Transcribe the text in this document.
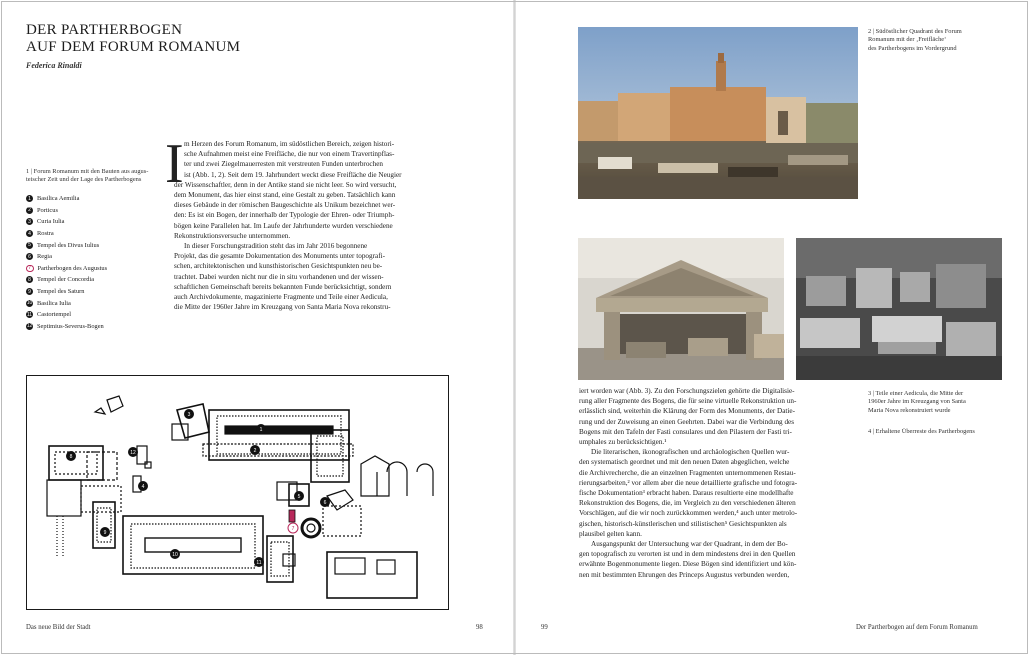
DER PARTHERBOGEN
AUF DEM FORUM ROMANUM
Federica Rinaldi
1 | Forum Romanum mit den Bauten aus augus-
teischer Zeit und der Lage des Partherbogens
1 Basilica Aemilia
2 Porticus
3 Curia Iulia
4 Rostra
5 Tempel des Divus Iulius
6 Regia
7 Partherbogen des Augustus
8 Tempel der Concordia
9 Tempel des Saturn
10 Basilica Iulia
11 Castortempel
12 Septimius-Severus-Bogen
I m Herzen des Forum Romanum, im südöstlichen Bereich, zeigen histori-
sche Aufnahmen meist eine Freifläche, die nur von einem Travertinpflas-
ter und zwei Ziegelmauerresten mit verstreuten Funden unterbrochen
ist (Abb. 1, 2). Seit dem 19. Jahrhundert weckt diese Freifläche die Neugier
der Wissenschaftler, denn in der Antike stand sie nicht leer. So wird versucht,
dem Monument, das hier einst stand, eine Gestalt zu geben. Tatsächlich kann
dieses Gebäude in der römischen Baugeschichte als Unikum bezeichnet wer-
den: Es ist ein Bogen, der innerhalb der Typologie der Ehren- oder Triumph-
bögen keine Parallelen hat. Im Laufe der Jahrhunderte wurden verschiedene
Rekonstruktionsversuche unternommen.
In dieser Forschungstradition steht das im Jahr 2016 begonnene
Projekt, das die gesamte Dokumentation des Monuments unter topografi-
schen, architektonischen und kunsthistorischen Gesichtspunkten neu be-
trachtet. Dabei wurden nicht nur die in situ vorhandenen und der wissen-
schaftlichen Gemeinschaft bereits bekannten Funde berücksichtigt, sondern
auch Archivdokumente, magazinierte Fragmente und Teile einer Aedicula,
die Mitte der 1960er Jahre im Kreuzgang von Santa Maria Nova rekonstru-
1
2
3
4
5
6
8
9
10
11
12
7
Das neue Bild der Stadt	98	99	Der Partherbogen auf dem Forum Romanum
2 | Südöstlicher Quadrant des Forum
Romanum mit der ‚Freifläche‘
des Partherbogens im Vordergrund
3 | Teile einer Aedicula, die Mitte der
1960er Jahre im Kreuzgang von Santa
Maria Nova rekonstruiert wurde
4 | Erhaltene Überreste des Partherbogens
iert worden war (Abb. 3). Zu den Forschungszielen gehörte die Digitalisie-
rung aller Fragmente des Bogens, die für seine virtuelle Rekonstruktion un-
erlässlich sind, weiterhin die Klärung der Form des Monuments, der Datie-
rung und der Zuweisung an einen Geehrten. Dabei war die Verbindung des
Bogens mit den Tafeln der Fasti consulares und den Pilastern der Fasti tri-
umphales zu berücksichtigen.¹
Die literarischen, ikonografischen und archäologischen Quellen wur-
den systematisch geordnet und mit den neuen Daten abgeglichen, welche
die Archivrecherche, die an einzelnen Fragmenten unternommenen Restau-
rierungsarbeiten,² vor allem aber die neue detaillierte grafische und fotogra-
fische Dokumentation³ erbracht haben. Daraus resultierte eine modellhafte
Rekonstruktion des Bogens, die, im Vergleich zu den verschiedenen älteren
Vorschlägen, auf die wir noch zurückkommen werden,⁴ auch unter metrolo-
gischen, historisch-künstlerischen und stilistischen⁵ Gesichtspunkten als
plausibel gelten kann.
Ausgangspunkt der Untersuchung war der Quadrant, in dem der Bo-
gen topografisch zu verorten ist und in dem mindestens drei in den Quellen
erwähnte Bogenmonumente liegen. Diese Bögen sind identifiziert und kön-
nen mit bestimmten Ehrungen des Princeps Augustus verbunden werden,
